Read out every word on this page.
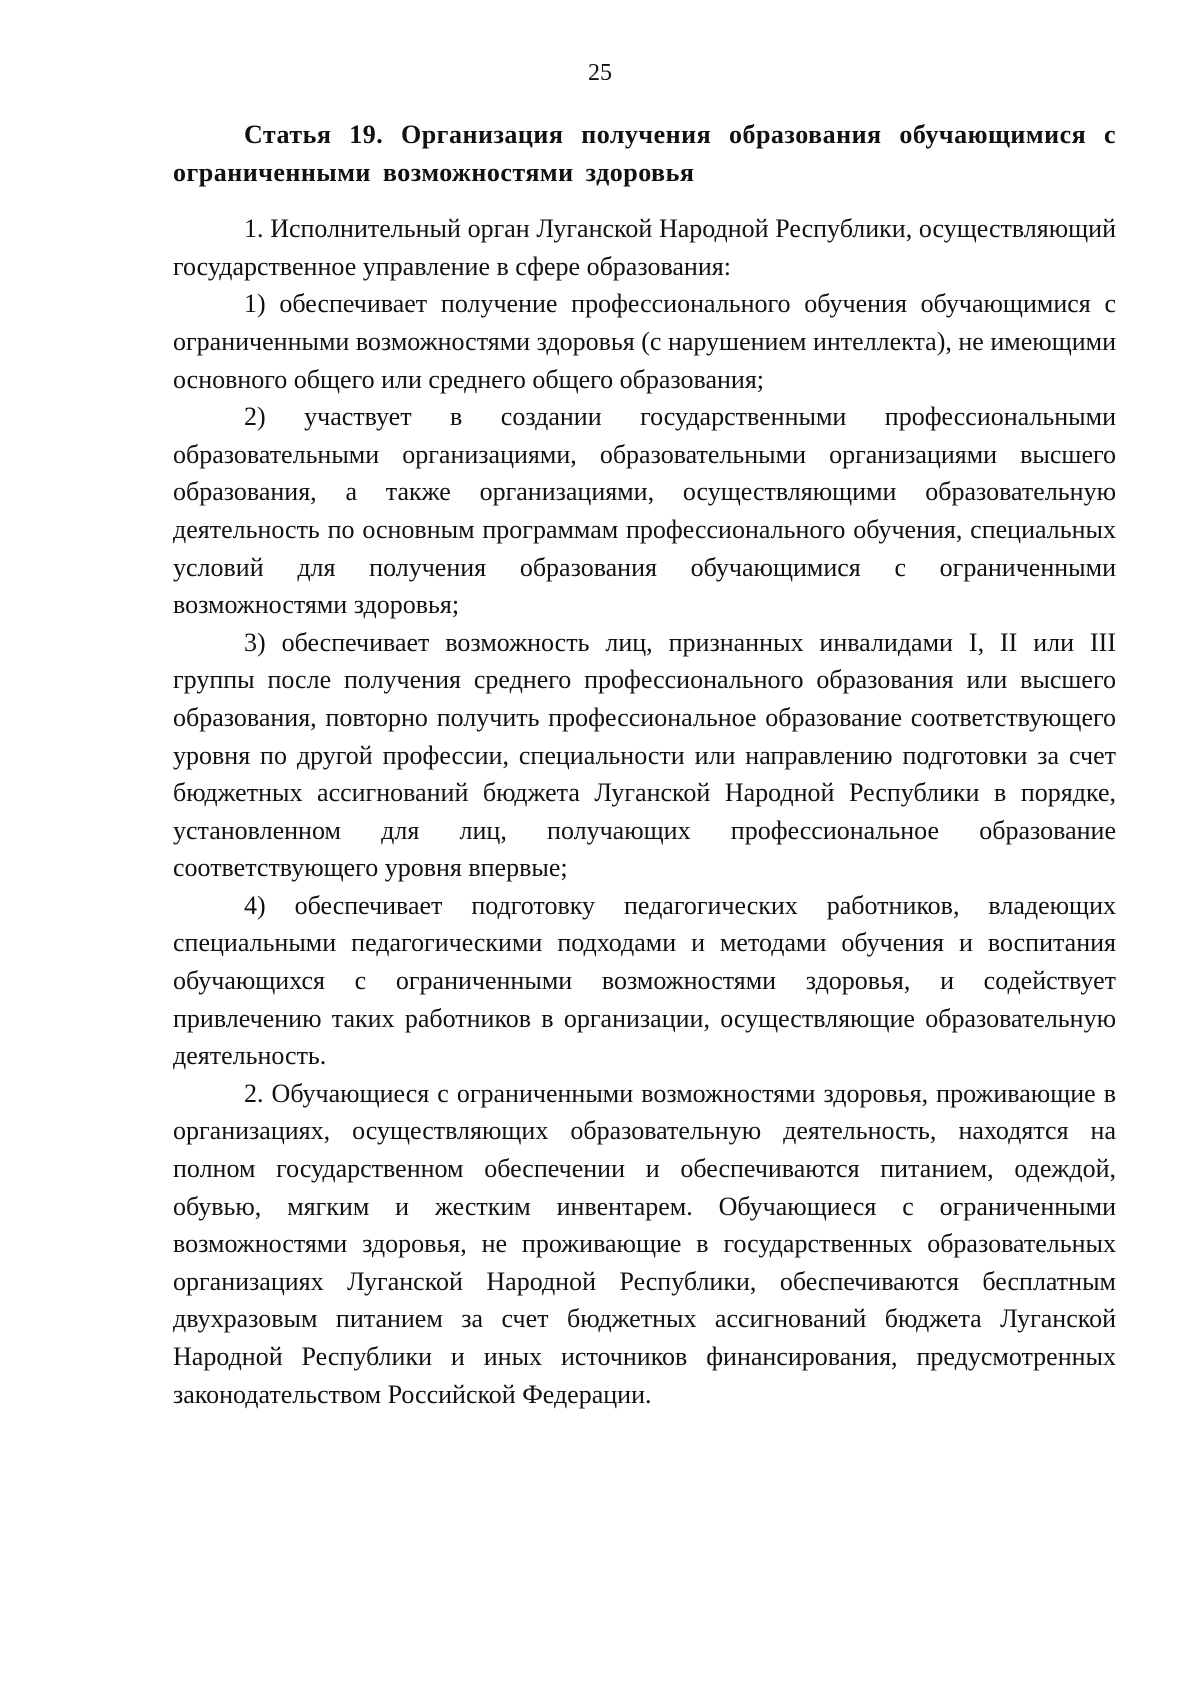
25
Статья 19. Организация получения образования обучающимися с ограниченными возможностями здоровья

1. Исполнительный орган Луганской Народной Республики, осуществляющий государственное управление в сфере образования:

1) обеспечивает получение профессионального обучения обучающимися с ограниченными возможностями здоровья (с нарушением интеллекта), не имеющими основного общего или среднего общего образования;

2) участвует в создании государственными профессиональными образовательными организациями, образовательными организациями высшего образования, а также организациями, осуществляющими образовательную деятельность по основным программам профессионального обучения, специальных условий для получения образования обучающимися с ограниченными возможностями здоровья;

3) обеспечивает возможность лиц, признанных инвалидами I, II или III группы после получения среднего профессионального образования или высшего образования, повторно получить профессиональное образование соответствующего уровня по другой профессии, специальности или направлению подготовки за счет бюджетных ассигнований бюджета Луганской Народной Республики в порядке, установленном для лиц, получающих профессиональное образование соответствующего уровня впервые;

4) обеспечивает подготовку педагогических работников, владеющих специальными педагогическими подходами и методами обучения и воспитания обучающихся с ограниченными возможностями здоровья, и содействует привлечению таких работников в организации, осуществляющие образовательную деятельность.

2. Обучающиеся с ограниченными возможностями здоровья, проживающие в организациях, осуществляющих образовательную деятельность, находятся на полном государственном обеспечении и обеспечиваются питанием, одеждой, обувью, мягким и жестким инвентарем. Обучающиеся с ограниченными возможностями здоровья, не проживающие в государственных образовательных организациях Луганской Народной Республики, обеспечиваются бесплатным двухразовым питанием за счет бюджетных ассигнований бюджета Луганской Народной Республики и иных источников финансирования, предусмотренных законодательством Российской Федерации.
